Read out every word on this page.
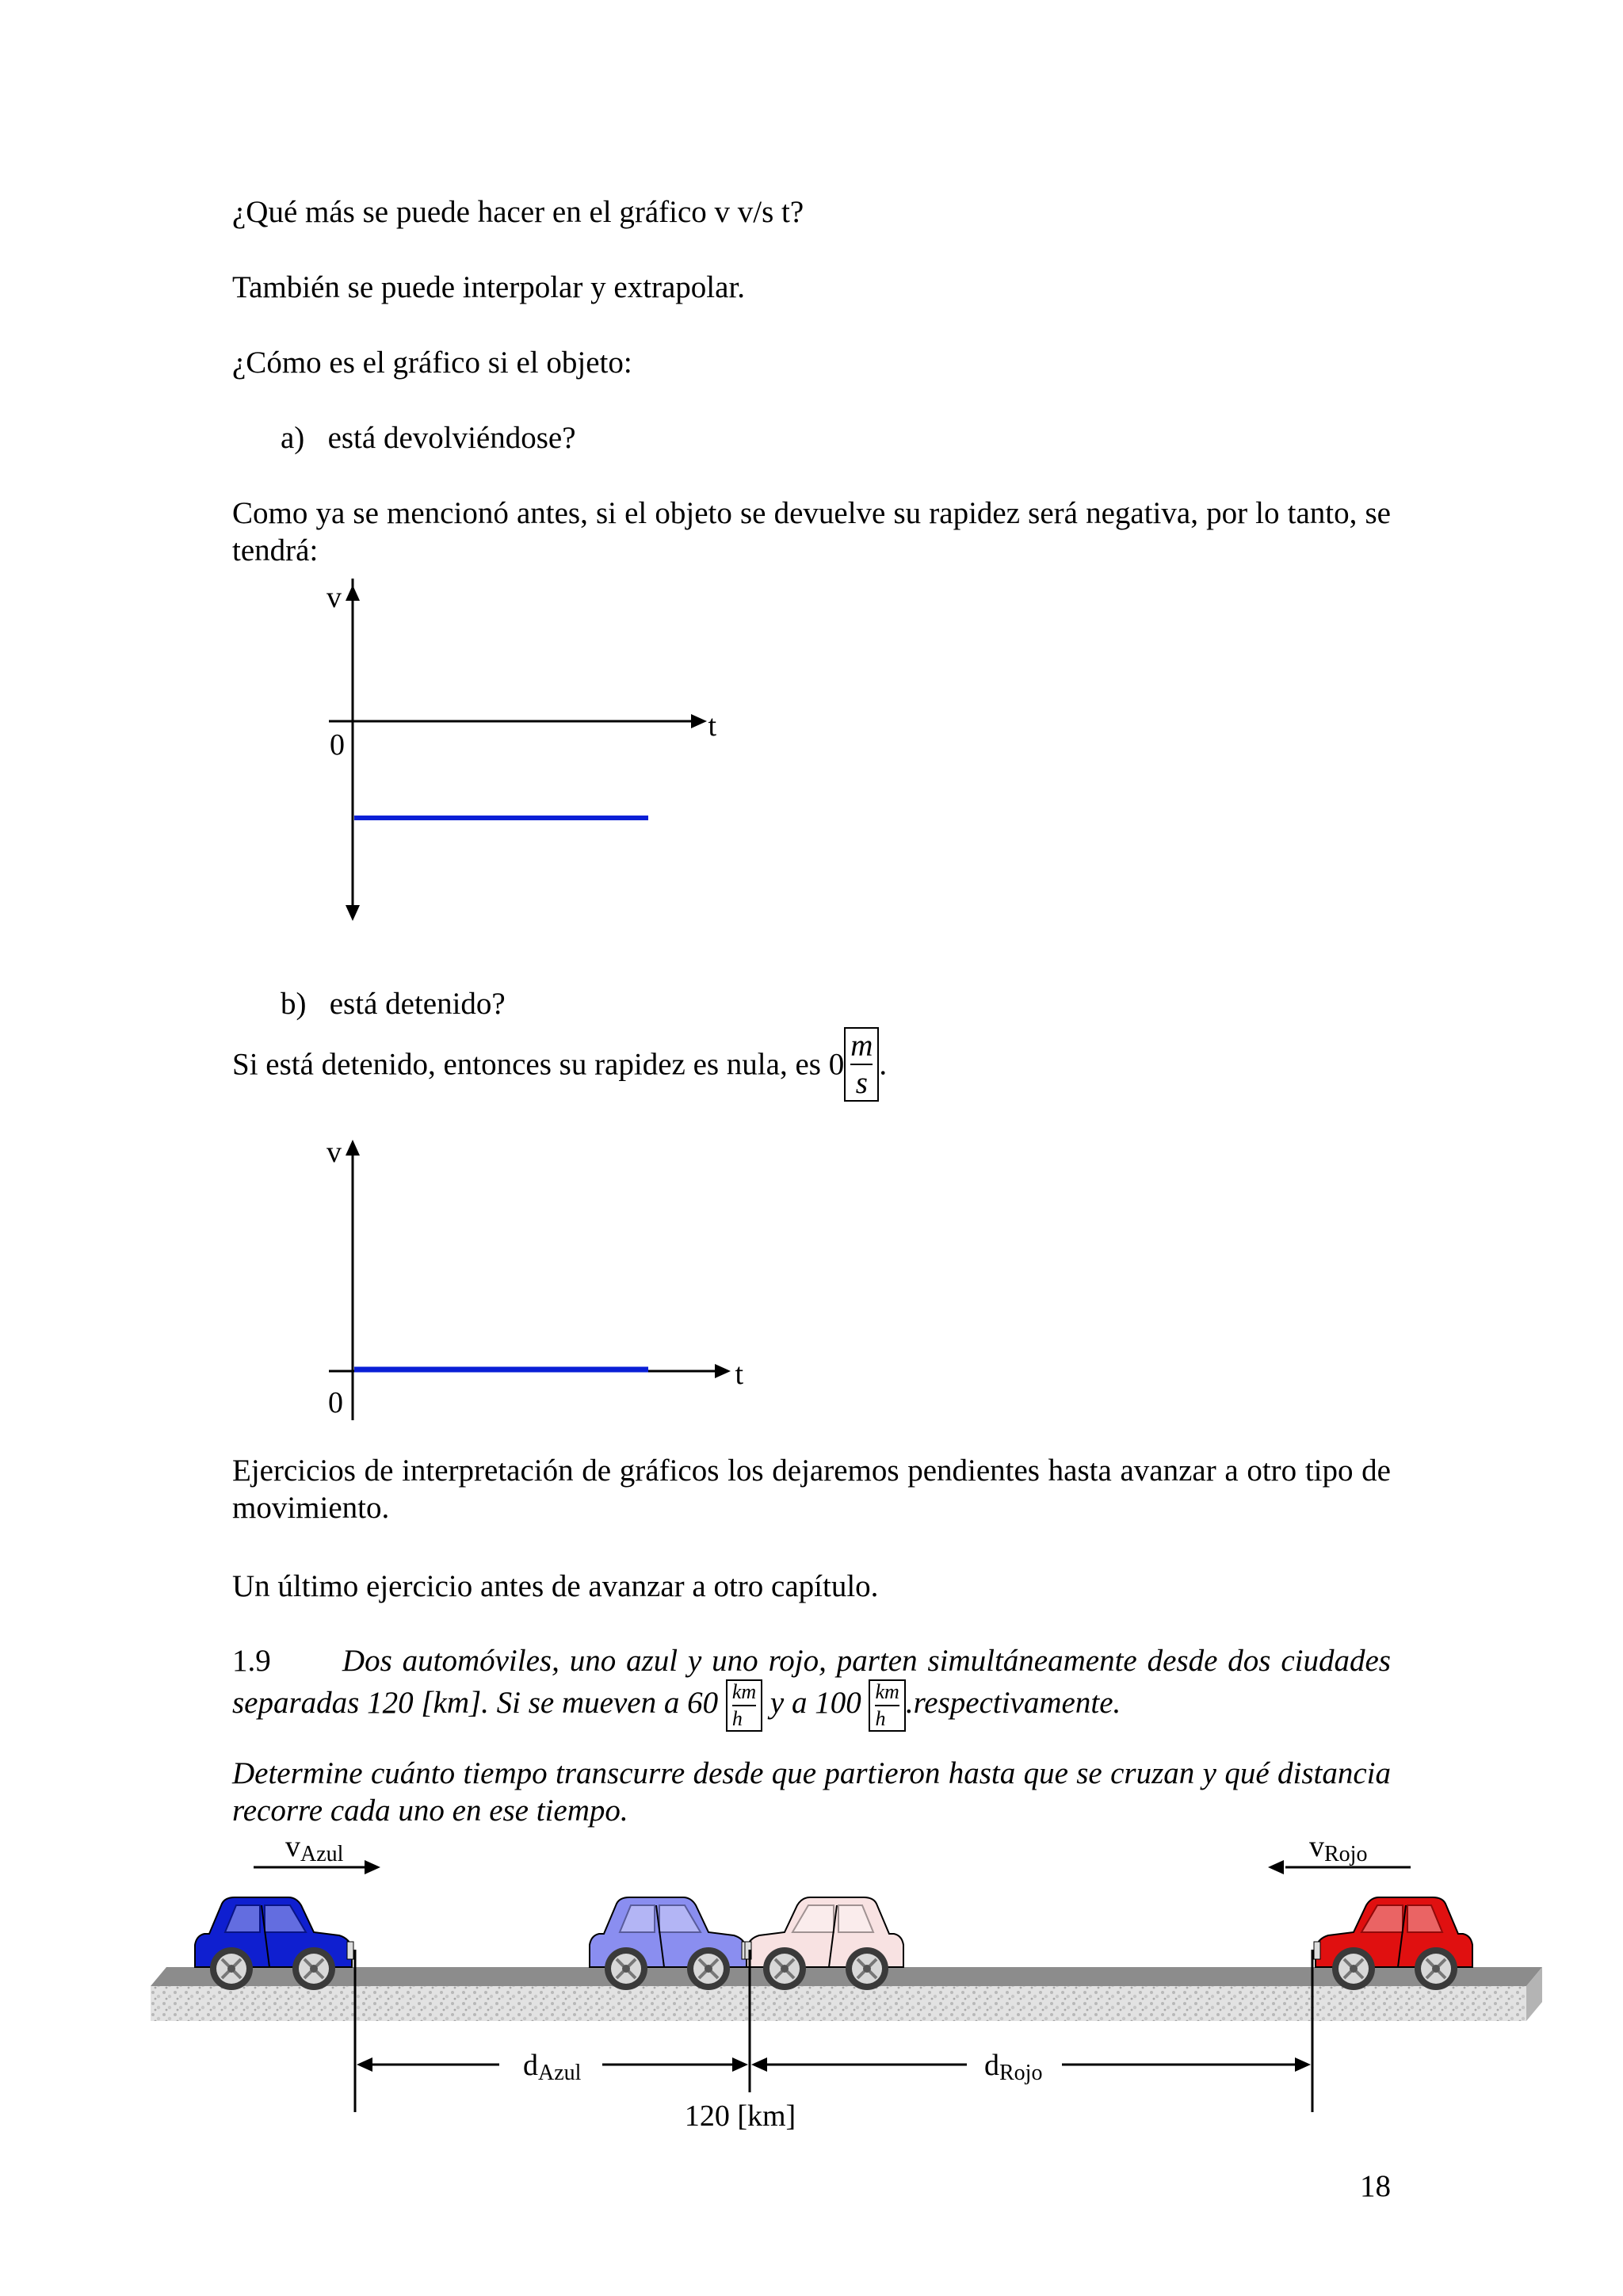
¿Qué más se puede hacer en el gráfico v v/s t?

También se puede interpolar y extrapolar.

¿Cómo es el gráfico si el objeto:

a) está devolviéndose?

Como ya se mencionó antes, si el objeto se devuelve su rapidez será negativa, por lo tanto, se tendrá:

v
t
0

b) está detenido?

Si está detenido, entonces su rapidez es nula, es $0 \frac{m}{s}$ .
v
t
0

Ejercicios de interpretación de gráficos los dejaremos pendientes hasta avanzar a otro tipo de movimiento.

Un último ejercicio antes de avanzar a otro capítulo.

1.9 Dos automóviles, uno azul y uno rojo, parten simultáneamente desde dos ciudades separadas 120 [km]. Si se mueven a $60 \frac{km}{h}$ y a $100 \frac{km}{h}$ .respectivamente.

Determine cuánto tiempo transcurre desde que partieron hasta que se cruzan y qué distancia recorre cada uno en ese tiempo.

vAzul	vRojo
dAzul	dRojo
120 [km]

18
